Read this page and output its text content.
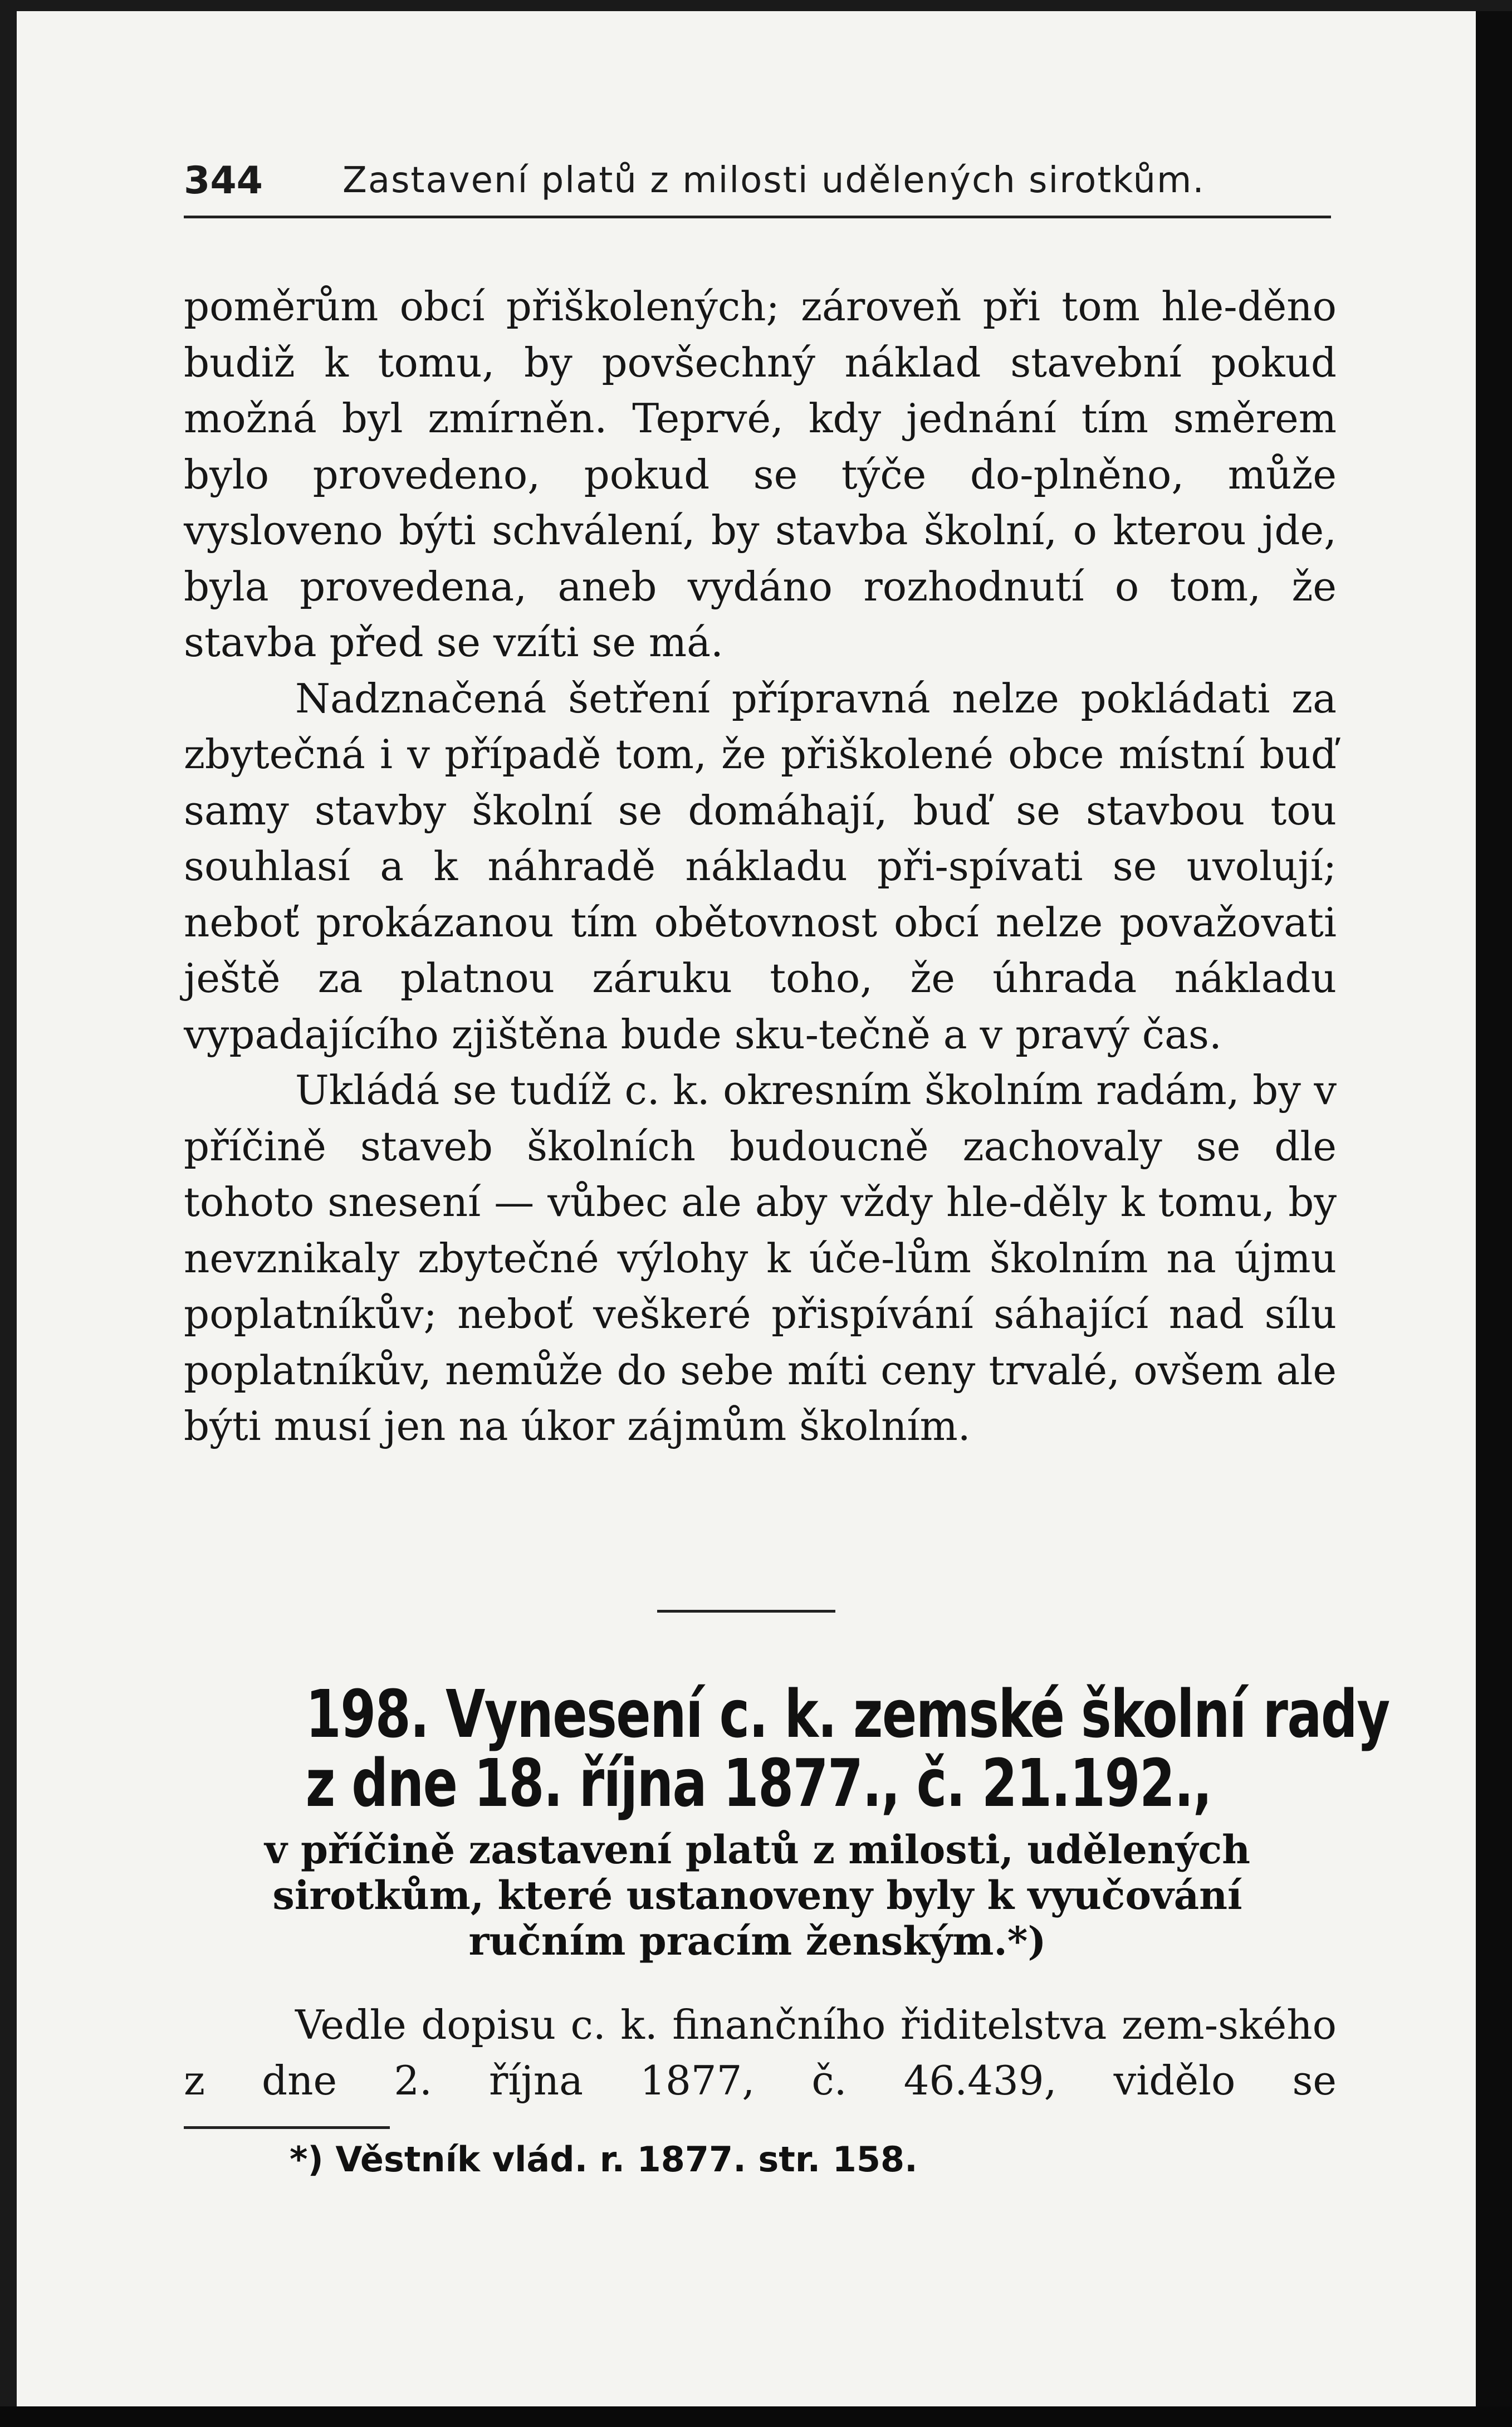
344 Zastavení platů z milosti udělených sirotkům.

poměrům obcí přiškolených; zároveň při tom hle-děno budiž k tomu, by povšechný náklad stavební pokud možná byl zmírněn. Teprvé, kdy jednání tím směrem bylo provedeno, pokud se týče do-plněno, může vysloveno býti schválení, by stavba školní, o kterou jde, byla provedena, aneb vydáno rozhodnutí o tom, že stavba před se vzíti se má.

Nadznačená šetření přípravná nelze pokládati za zbytečná i v případě tom, že přiškolené obce místní buď samy stavby školní se domáhají, buď se stavbou tou souhlasí a k náhradě nákladu při-spívati se uvolují; neboť prokázanou tím obětovnost obcí nelze považovati ještě za platnou záruku toho, že úhrada nákladu vypadajícího zjištěna bude sku-tečně a v pravý čas.

Ukládá se tudíž c. k. okresním školním radám, by v příčině staveb školních budoucně zachovaly se dle tohoto snesení — vůbec ale aby vždy hle-děly k tomu, by nevznikaly zbytečné výlohy k úče-lům školním na újmu poplatníkův; neboť veškeré přispívání sáhající nad sílu poplatníkův, nemůže do sebe míti ceny trvalé, ovšem ale býti musí jen na úkor zájmům školním.

198. Vynesení c. k. zemské školní rady
z dne 18. října 1877., č. 21.192.,
v příčině zastavení platů z milosti, udělených
sirotkům, které ustanoveny byly k vyučování
ručním pracím ženským.*)

Vedle dopisu c. k. finančního řiditelstva zem-ského z dne 2. října 1877, č. 46.439, vidělo se

*) Věstník vlád. r. 1877. str. 158.
